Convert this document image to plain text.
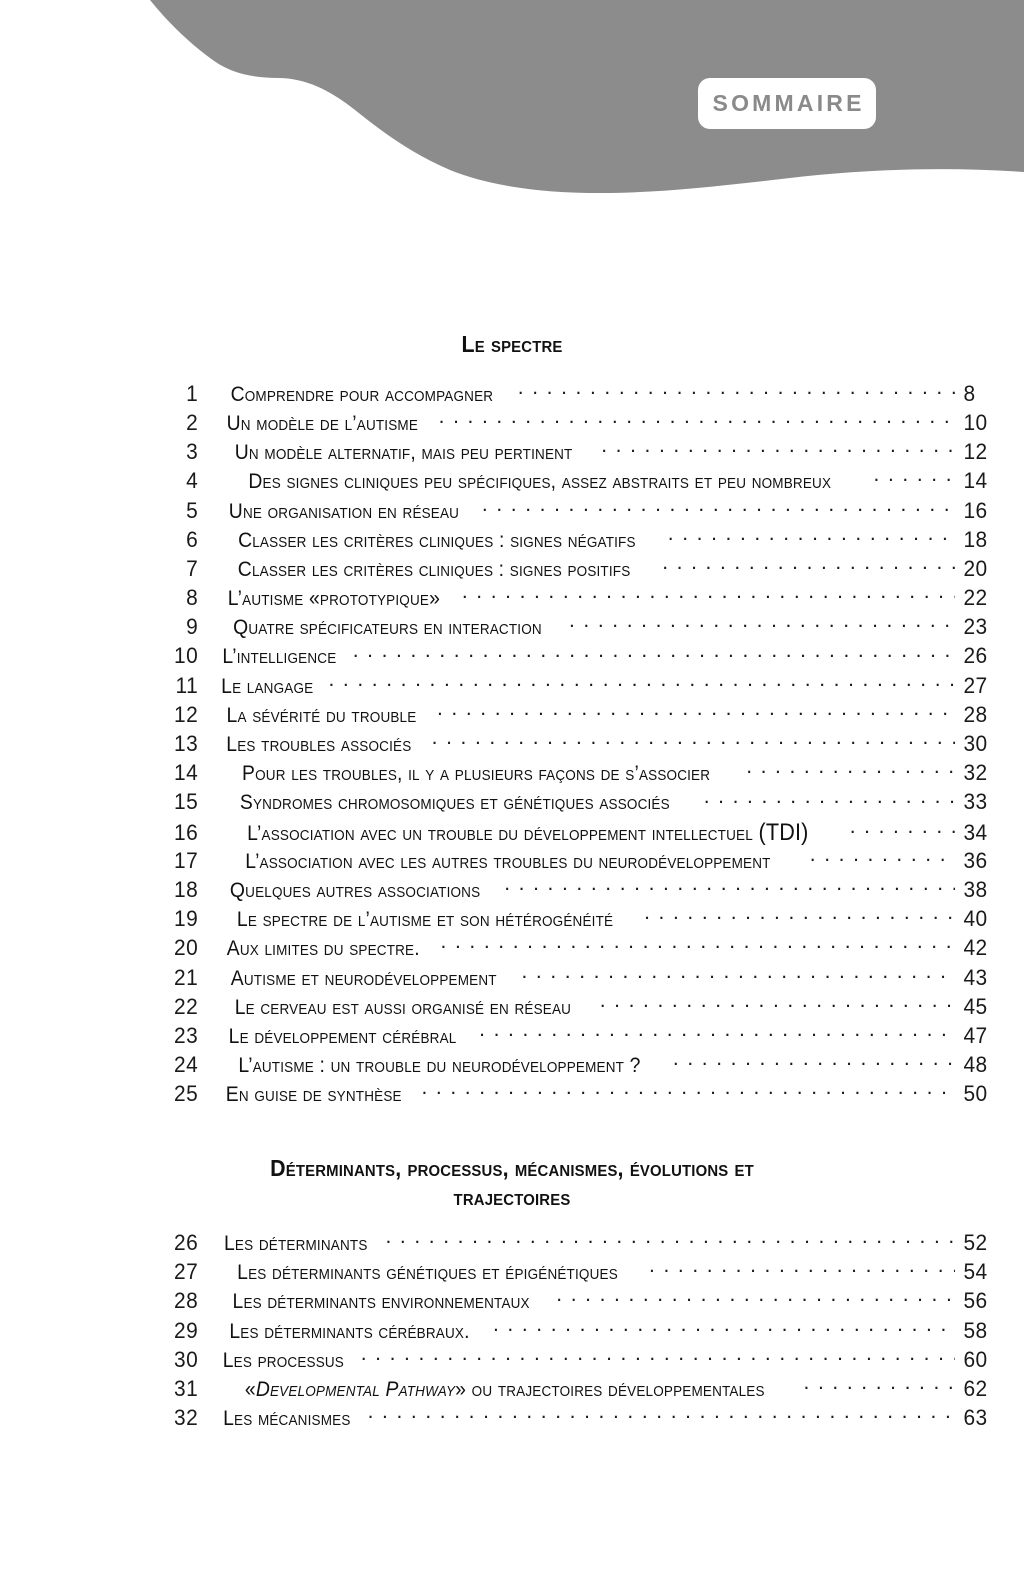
SOMMAIRE
Le spectre
1 Comprendre pour accompagner .....	8
2 Un modèle de l’autisme .....	10
3 Un modèle alternatif, mais peu pertinent .....	12
4 Des signes cliniques peu spécifiques, assez abstraits et peu nombreux .....	14
5 Une organisation en réseau .....	16
6 Classer les critères cliniques : signes négatifs .....	18
7 Classer les critères cliniques : signes positifs .....	20
8 L’autisme «prototypique» .....	22
9 Quatre spécificateurs en interaction .....	23
10 L’intelligence .....	26
11 Le langage .....	27
12 La sévérité du trouble .....	28
13 Les troubles associés .....	30
14 Pour les troubles, il y a plusieurs façons de s’associer .....	32
15 Syndromes chromosomiques et génétiques associés .....	33
16 L’association avec un trouble du développement intellectuel (TDI) .....	34
17 L’association avec les autres troubles du neurodéveloppement .....	36
18 Quelques autres associations .....	38
19 Le spectre de l’autisme et son hétérogénéité .....	40
20 Aux limites du spectre. .....	42
21 Autisme et neurodéveloppement .....	43
22 Le cerveau est aussi organisé en réseau .....	45
23 Le développement cérébral .....	47
24 L’autisme : un trouble du neurodéveloppement ? .....	48
25 En guise de synthèse .....	50
Déterminants, processus, mécanismes, évolutions et trajectoires
26 Les déterminants .....	52
27 Les déterminants génétiques et épigénétiques .....	54
28 Les déterminants environnementaux .....	56
29 Les déterminants cérébraux. .....	58
30 Les processus .....	60
31 «Developmental Pathway» ou trajectoires développementales .....	62
32 Les mécanismes .....	63
